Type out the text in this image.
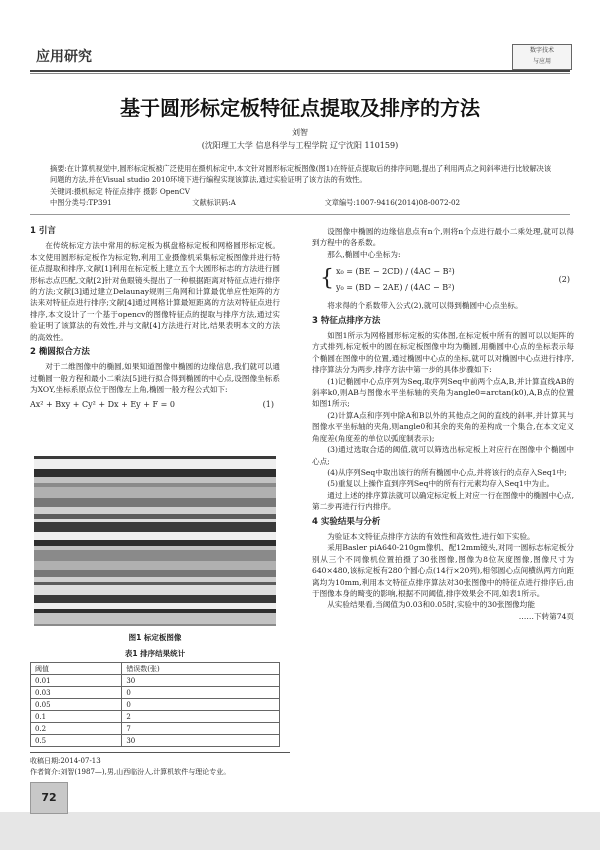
应用研究	数字技术
与应用
基于圆形标定板特征点提取及排序的方法
刘智
(沈阳理工大学 信息科学与工程学院 辽宁沈阳 110159)
摘要:在计算机视觉中,圆形标定板被广泛使用在摄机标定中,本文针对圆形标定板图像(图1)在特征点提取后的排序问题,提出了利用两点之间斜率进行比较解决该问题的方法,并在Visual studio 2010环境下进行编程实现该算法,通过实验证明了该方法的有效性。
关键词:摄机标定 特征点排序 摄影 OpenCV
中图分类号:TP391	文献标识码:A	文章编号:1007-9416(2014)08-0072-02
1 引言
在传统标定方法中常用的标定板为棋盘格标定板和网格圆形标定板。本文使用圆形标定板作为标定物,利用工业摄像机采集标定板图像并进行特征点提取和排序,文献[1]利用在标定板上建立五个大圆形标志的方法进行圆形标志点匹配,文献[2]针对鱼眼镜头提出了一种根据距离对特征点进行排序的方法;文献[3]通过建立Delaunay规则三角网和计算最优单应性矩阵的方法来对特征点进行排序;文献[4]通过网格计算最短距离的方法对特征点进行排序,本文设计了一个基于opencv的图像特征点的提取与排序方法,通过实验证明了该算法的有效性,并与文献[4]方法进行对比,结果表明本文的方法的高效性。
2 椭圆拟合方法
对于二维图像中的椭圆,如果知道图像中椭圆的边缘信息,我们就可以通过椭圆一般方程和最小二乘法[5]进行拟合得到椭圆的中心点,设图像坐标系为XOY,坐标系原点位于图像左上角,椭圆一般方程公式如下:
Ax² + Bxy + Cy² + Dx + Ey + F = 0	(1)
图1 标定板图像
表1 排序结果统计
阈值	错误数(张)
0.01	30
0.03	0
0.05	0
0.1	2
0.2	7
0.5	30
收稿日期:2014-07-13
作者简介:刘智(1987—),男,山西临汾人,计算机软件与理论专业。
72
设图像中椭圆的边缘信息点有n个,则将n个点进行最小二乘处理,就可以得到方程中的各系数。
那么,椭圆中心坐标为:
{ x₀ = (BE − 2CD) / (4AC − B²)
y₀ = (BD − 2AE) / (4AC − B²)
(2)
将求得的个系数带入公式(2),就可以得到椭圆中心点坐标。
3 特征点排序方法
如图1所示为网格圆形标定板的实体图,在标定板中所有的圆可以以矩阵的方式排列,标定板中的圆在标定板图像中均为椭圆,用椭圆中心点的坐标表示每个椭圆在图像中的位置,通过椭圆中心点的坐标,就可以对椭圆中心点进行排序,排序算法分为两步,排序方法中第一步的具体步骤如下:
(1)记椭圆中心点序列为Seq,取序列Seq中前两个点A,B,并计算直线AB的斜率k0,则AB与图像水平坐标轴的夹角为angle0=arctan(k0),A,B点的位置如图1所示;
(2)计算A点和序列中除A和B以外的其他点之间的直线的斜率,并计算其与图像水平坐标轴的夹角,则angle0和其余的夹角的差构成一个集合,在本文定义角度差(角度差的单位以弧度制表示);
(3)通过选取合适的阈值,就可以筛选出标定板上对应行在图像中个椭圆中心点;
(4)从序列Seq中取出该行的所有椭圆中心点,并将该行的点存入Seq1中;
(5)重复以上操作直到序列Seq中的所有行元素均存入Seq1中为止。
通过上述的排序算法就可以确定标定板上对应一行在图像中的椭圆中心点,第二步再进行行内排序。
4 实验结果与分析
为验证本文特征点排序方法的有效性和高效性,进行如下实验。
采用Basler piA640-210gm像机、配12mm镜头,对同一圆标志标定板分别从三个不同像机位置拍摄了30张图像,图像为8位灰度图像,图像尺寸为640×480,该标定板有280个圆心点(14行×20列),相邻圆心点间横纵两方向距离均为10mm,利用本文特征点排序算法对30张图像中的特征点进行排序后,由于图像本身的畸变的影响,根据不同阈值,排序效果会不同,如表1所示。
从实验结果看,当阈值为0.03和0.05时,实验中的30张图像均能
……下转第74页
